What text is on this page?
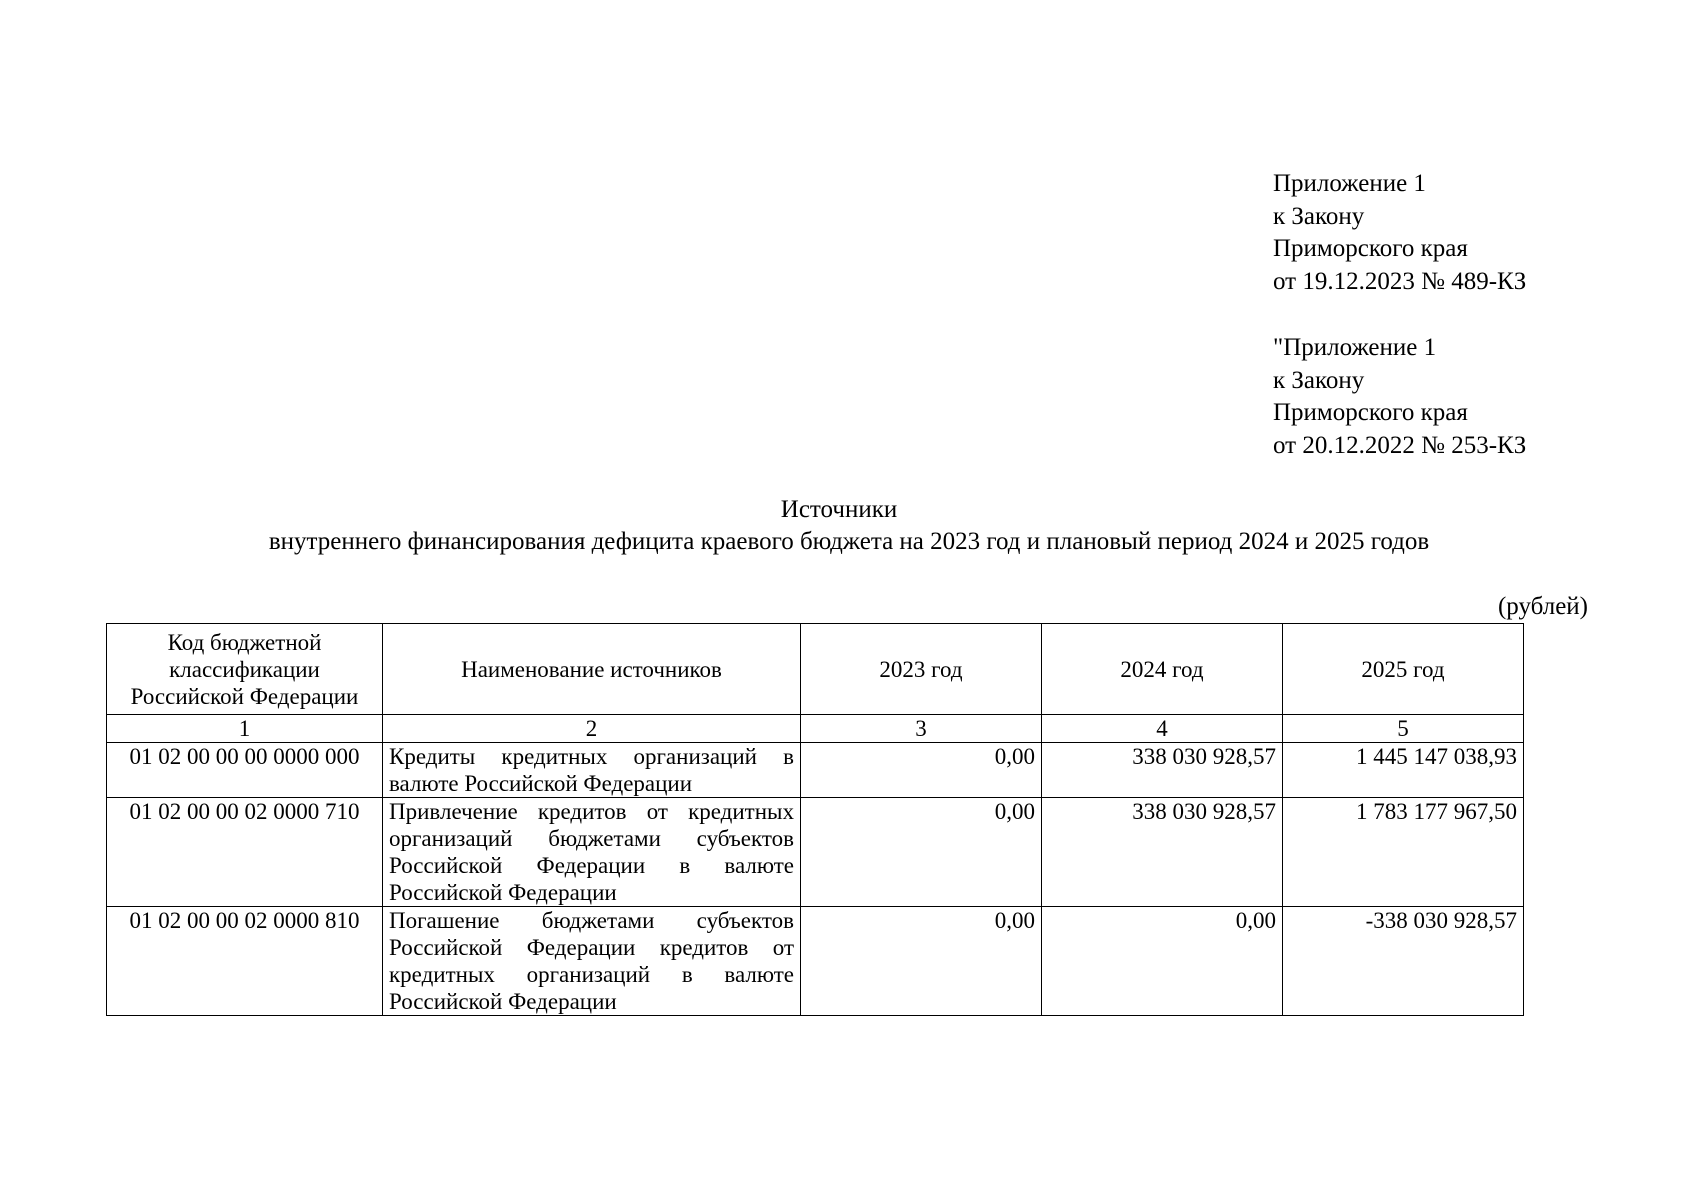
Приложение 1
к Закону
Приморского края
от 19.12.2023 № 489-КЗ
"Приложение 1
к Закону
Приморского края
от 20.12.2022 № 253-КЗ
Источники
внутреннего финансирования дефицита краевого бюджета на 2023 год и плановый период 2024 и 2025 годов
(рублей)
Код бюджетной классификации Российской Федерации	Наименование источников	2023 год	2024 год	2025 год
1	2	3	4	5
01 02 00 00 00 0000 000	Кредиты кредитных организаций в валюте Российской Федерации	0,00	338 030 928,57	1 445 147 038,93
01 02 00 00 02 0000 710	Привлечение кредитов от кредитных организаций бюджетами субъектов Российской Федерации в валюте Российской Федерации	0,00	338 030 928,57	1 783 177 967,50
01 02 00 00 02 0000 810	Погашение бюджетами субъектов Российской Федерации кредитов от кредитных организаций в валюте Российской Федерации	0,00	0,00	-338 030 928,57
